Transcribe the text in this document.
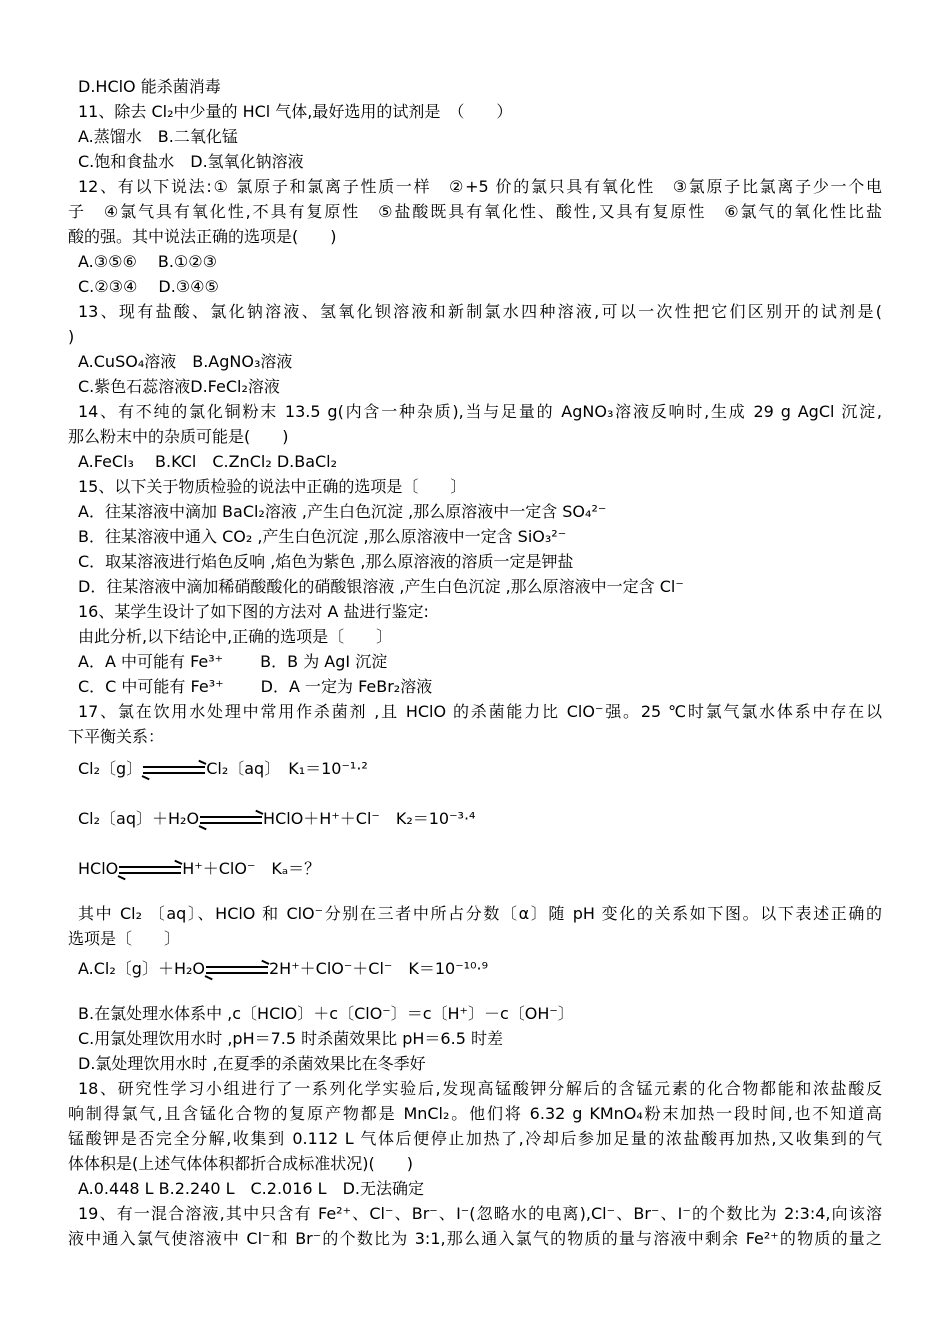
D.HClO 能杀菌消毒
11、除去 Cl₂中少量的 HCl 气体,最好选用的试剂是　（　　）
A.蒸馏水　B.二氧化锰
C.饱和食盐水　D.氢氧化钠溶液
12、有以下说法:① 氯原子和氯离子性质一样　②+5 价的氯只具有氧化性　③氯原子比氯离子少一个电
子　④氯气具有氧化性,不具有复原性　⑤盐酸既具有氧化性、酸性,又具有复原性　⑥氯气的氧化性比盐
酸的强。其中说法正确的选项是(　　)
A.③⑤⑥　 B.①②③
C.②③④　 D.③④⑤
13、现有盐酸、氯化钠溶液、氢氧化钡溶液和新制氯水四种溶液,可以一次性把它们区别开的试剂是(
)
A.CuSO₄溶液　B.AgNO₃溶液
C.紫色石蕊溶液D.FeCl₂溶液
14、有不纯的氯化铜粉末 13.5 g(内含一种杂质),当与足量的 AgNO₃溶液反响时,生成 29 g AgCl 沉淀,
那么粉末中的杂质可能是(　　)
A.FeCl₃　 B.KCl　C.ZnCl₂ D.BaCl₂
15、以下关于物质检验的说法中正确的选项是〔　　〕
A．往某溶液中滴加 BaCl₂溶液 ,产生白色沉淀 ,那么原溶液中一定含 SO₄²⁻
B．往某溶液中通入 CO₂ ,产生白色沉淀 ,那么原溶液中一定含 SiO₃²⁻
C．取某溶液进行焰色反响 ,焰色为紫色 ,那么原溶液的溶质一定是钾盐
D．往某溶液中滴加稀硝酸酸化的硝酸银溶液 ,产生白色沉淀 ,那么原溶液中一定含 Cl⁻
16、某学生设计了如下图的方法对 A 盐进行鉴定:
由此分析,以下结论中,正确的选项是〔　　〕
A．A 中可能有 Fe³⁺　　 B．B 为 AgI 沉淀
C．C 中可能有 Fe³⁺　　 D．A 一定为 FeBr₂溶液
17、氯在饮用水处理中常用作杀菌剂 ,且 HClO 的杀菌能力比 ClO⁻强。25 ℃时氯气氯水体系中存在以
下平衡关系：
Cl₂〔g〕	Cl₂〔aq〕　K₁＝10⁻¹·²
Cl₂〔aq〕＋H₂O	HClO＋H⁺＋Cl⁻　K₂＝10⁻³·⁴
HClO	H⁺＋ClO⁻　Kₐ＝？
其中 Cl₂ 〔aq〕、HClO 和 ClO⁻分别在三者中所占分数〔α〕随 pH 变化的关系如下图。以下表述正确的
选项是〔　　〕
A.Cl₂〔g〕＋H₂O	2H⁺＋ClO⁻＋Cl⁻　K＝10⁻¹⁰·⁹
B.在氯处理水体系中 ,c〔HClO〕＋c〔ClO⁻〕＝c〔H⁺〕－c〔OH⁻〕
C.用氯处理饮用水时 ,pH＝7.5 时杀菌效果比 pH＝6.5 时差
D.氯处理饮用水时 ,在夏季的杀菌效果比在冬季好
18、研究性学习小组进行了一系列化学实验后,发现高锰酸钾分解后的含锰元素的化合物都能和浓盐酸反
响制得氯气,且含锰化合物的复原产物都是 MnCl₂。他们将 6.32 g KMnO₄粉末加热一段时间,也不知道高
锰酸钾是否完全分解,收集到 0.112 L 气体后便停止加热了,冷却后参加足量的浓盐酸再加热,又收集到的气
体体积是(上述气体体积都折合成标准状况)(　　)
A.0.448 L B.2.240 L　C.2.016 L　D.无法确定
19、有一混合溶液,其中只含有 Fe²⁺、Cl⁻、Br⁻、I⁻(忽略水的电离),Cl⁻、Br⁻、I⁻的个数比为 2:3:4,向该溶
液中通入氯气使溶液中 Cl⁻和 Br⁻的个数比为 3:1,那么通入氯气的物质的量与溶液中剩余 Fe²⁺的物质的量之
